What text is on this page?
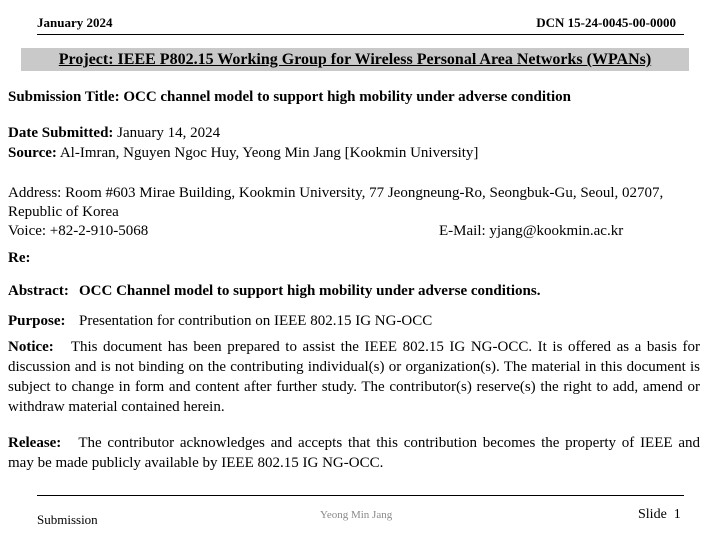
January 2024	DCN 15-24-0045-00-0000
Project: IEEE P802.15 Working Group for Wireless Personal Area Networks (WPANs)
Submission Title: OCC channel model to support high mobility under adverse condition
Date Submitted: January 14, 2024
Source: Al-Imran, Nguyen Ngoc Huy, Yeong Min Jang [Kookmin University]
Address: Room #603 Mirae Building, Kookmin University, 77 Jeongneung-Ro, Seongbuk-Gu, Seoul, 02707, Republic of Korea
Voice: +82-2-910-5068	E-Mail: yjang@kookmin.ac.kr
Re:
Abstract: OCC Channel model to support high mobility under adverse conditions.
Purpose: Presentation for contribution on IEEE 802.15 IG NG-OCC
Notice: This document has been prepared to assist the IEEE 802.15 IG NG-OCC. It is offered as a basis for discussion and is not binding on the contributing individual(s) or organization(s). The material in this document is subject to change in form and content after further study. The contributor(s) reserve(s) the right to add, amend or withdraw material contained herein.
Release: The contributor acknowledges and accepts that this contribution becomes the property of IEEE and may be made publicly available by IEEE 802.15 IG NG-OCC.
Submission	Yeong Min Jang	Slide 1
